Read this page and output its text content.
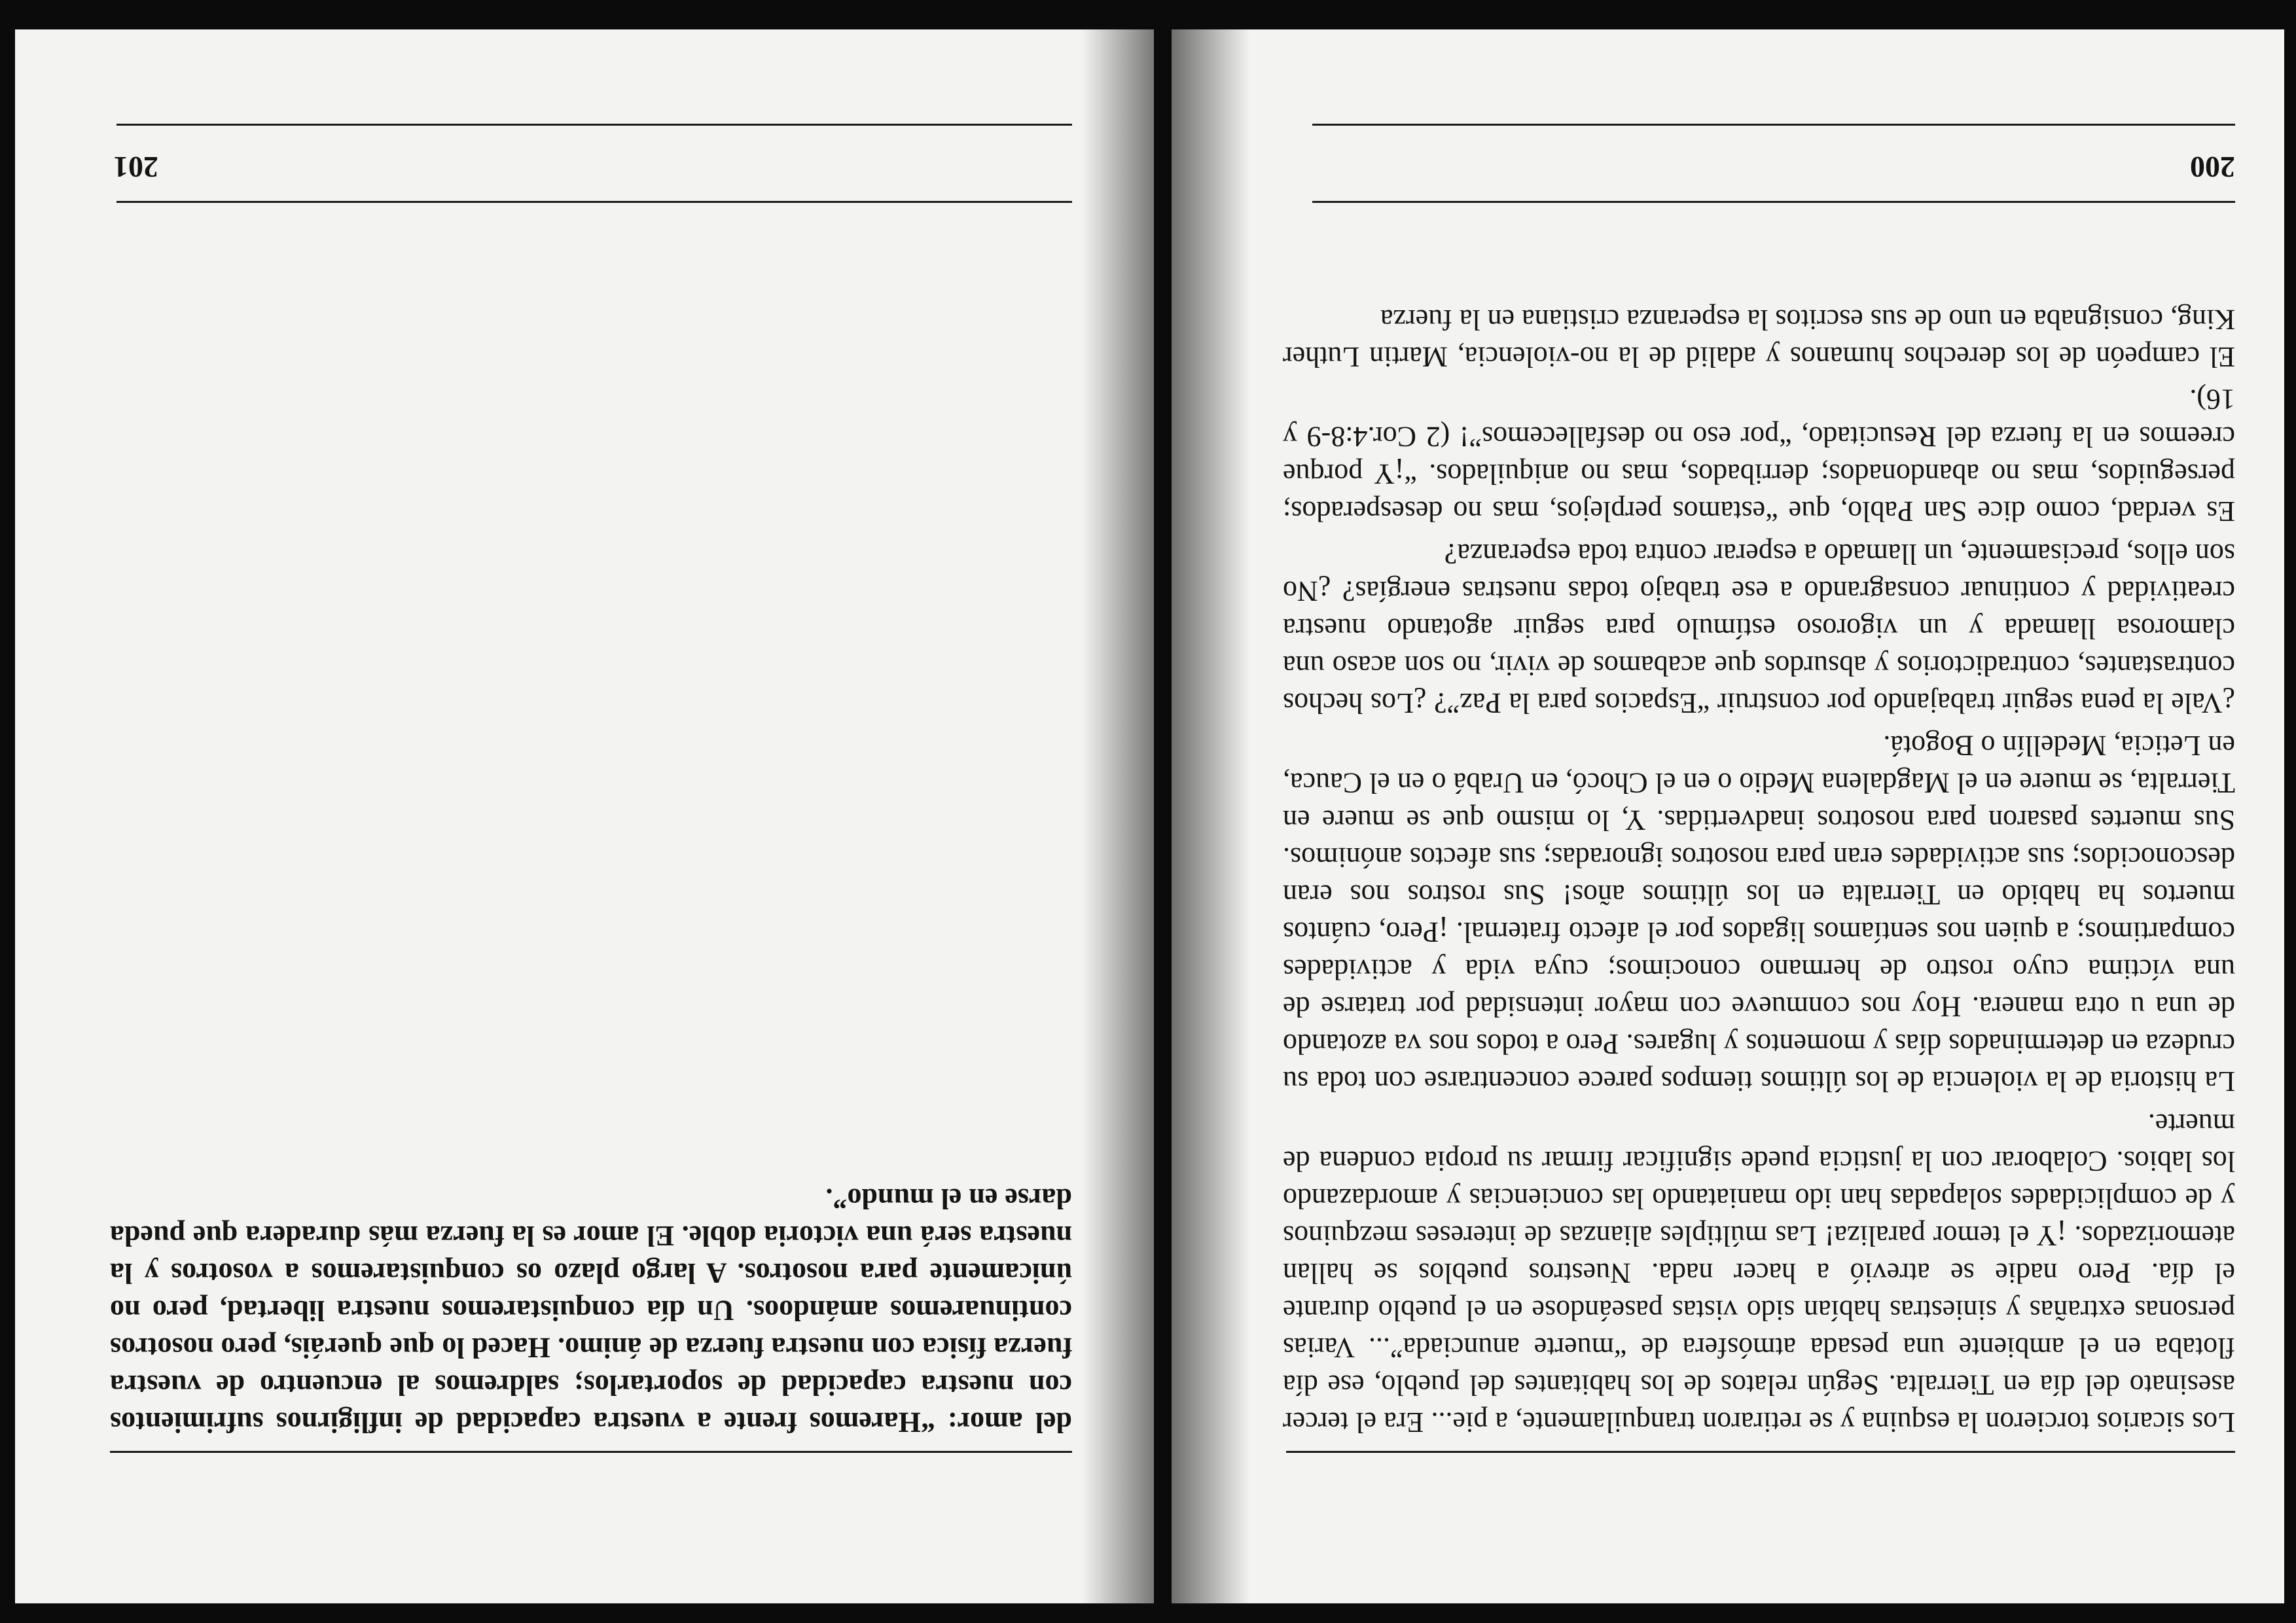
Los sicarios torcieron la esquina y se retiraron tranquilamente, a pie... Era el tercer asesinato del día en Tierralta. Según relatos de los habitantes del pueblo, ese día flotaba en el ambiente una pesada atmósfera de “muerte anunciada”... Varias personas extrañas y siniestras habían sido vistas paseándose en el pueblo durante el día. Pero nadie se atrevió a hacer nada. Nuestros pueblos se hallan atemorizados. ¡Y el temor paraliza! Las múltiples alianzas de intereses mezquinos y de complicidades solapadas han ido maniatando las conciencias y amordazando los labios. Colaborar con la justicia puede significar firmar su propia condena de muerte.

La historia de la violencia de los últimos tiempos parece concentrarse con toda su crudeza en determinados días y momentos y lugares. Pero a todos nos va azotando de una u otra manera. Hoy nos conmueve con mayor intensidad por tratarse de una víctima cuyo rostro de hermano conocimos; cuya vida y actividades compartimos; a quien nos sentíamos ligados por el afecto fraternal. ¡Pero, cuántos muertos ha habido en Tierralta en los últimos años! Sus rostros nos eran desconocidos; sus actividades eran para nosotros ignoradas; sus afectos anónimos. Sus muertes pasaron para nosotros inadvertidas. Y, lo mismo que se muere en Tierralta, se muere en el Magdalena Medio o en el Chocó, en Urabá o en el Cauca, en Leticia, Medellín o Bogotá.

¿Vale la pena seguir trabajando por construir “Espacios para la Paz”? ¿Los hechos contrastantes, contradictorios y absurdos que acabamos de vivir, no son acaso una clamorosa llamada y un vigoroso estímulo para seguir agotando nuestra creatividad y continuar consagrando a ese trabajo todas nuestras energías? ¿No son ellos, precisamente, un llamado a esperar contra toda esperanza?

Es verdad, como dice San Pablo, que “estamos perplejos, mas no desesperados; perseguidos, mas no abandonados; derribados, mas no aniquilados. “¡Y porque creemos en la fuerza del Resucitado, “por eso no desfallecemos”! (2 Cor.4:8-9 y 16).

El campeón de los derechos humanos y adalid de la no-violencia, Martin Luther King, consignaba en uno de sus escritos la esperanza cristiana en la fuerza

200

del amor: “Haremos frente a vuestra capacidad de infligirnos sufrimientos con nuestra capacidad de soportarlos; saldremos al encuentro de vuestra fuerza física con nuestra fuerza de ánimo. Haced lo que queráis, pero nosotros continuaremos amándoos. Un día conquistaremos nuestra libertad, pero no únicamente para nosotros. A largo plazo os conquistaremos a vosotros y la nuestra será una victoria doble. El amor es la fuerza más duradera que pueda darse en el mundo”.

201
